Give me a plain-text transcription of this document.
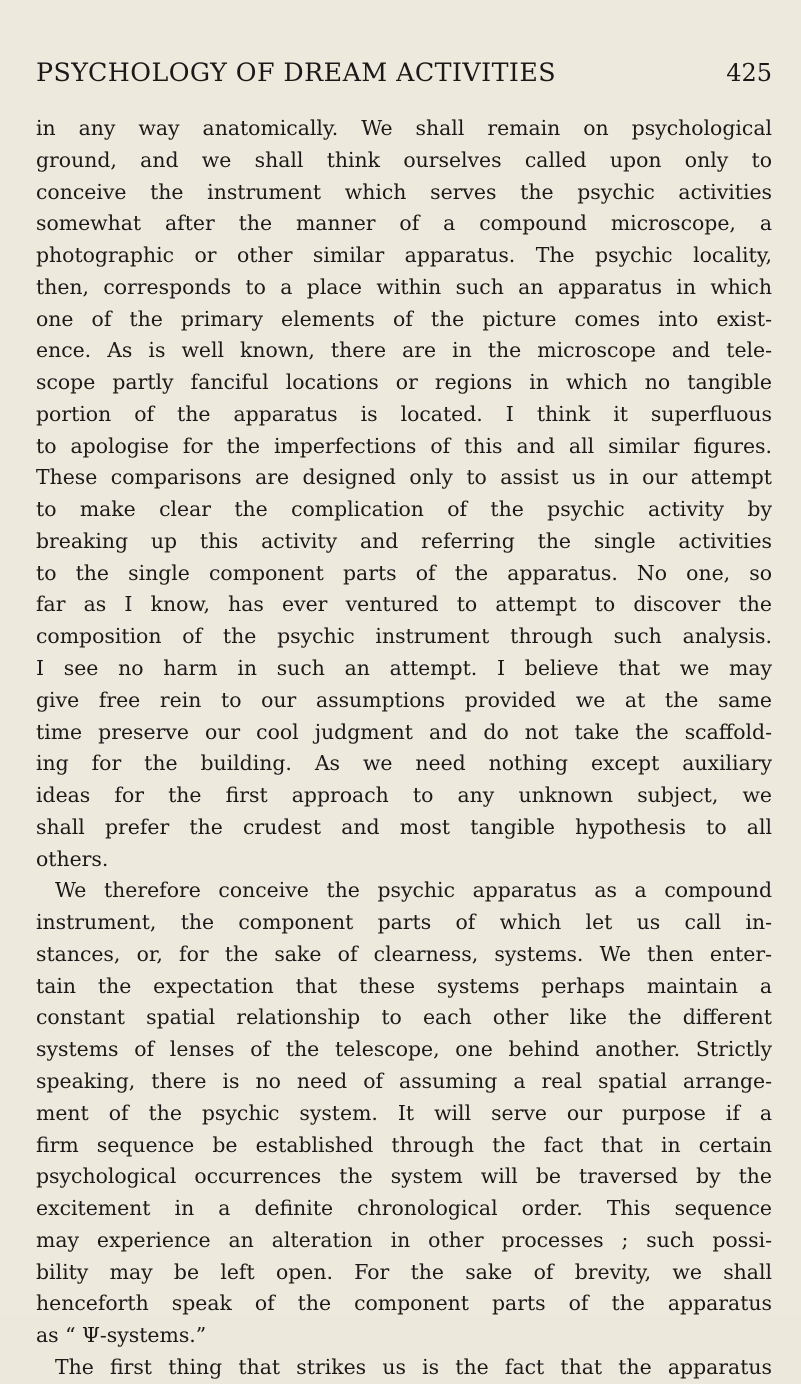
PSYCHOLOGY OF DREAM ACTIVITIES	425
in any way anatomically. We shall remain on psychological
ground, and we shall think ourselves called upon only to
conceive the instrument which serves the psychic activities
somewhat after the manner of a compound microscope, a
photographic or other similar apparatus. The psychic locality,
then, corresponds to a place within such an apparatus in which
one of the primary elements of the picture comes into exist-
ence. As is well known, there are in the microscope and tele-
scope partly fanciful locations or regions in which no tangible
portion of the apparatus is located. I think it superfluous
to apologise for the imperfections of this and all similar figures.
These comparisons are designed only to assist us in our attempt
to make clear the complication of the psychic activity by
breaking up this activity and referring the single activities
to the single component parts of the apparatus. No one, so
far as I know, has ever ventured to attempt to discover the
composition of the psychic instrument through such analysis.
I see no harm in such an attempt. I believe that we may
give free rein to our assumptions provided we at the same
time preserve our cool judgment and do not take the scaffold-
ing for the building. As we need nothing except auxiliary
ideas for the first approach to any unknown subject, we
shall prefer the crudest and most tangible hypothesis to all
others.
We therefore conceive the psychic apparatus as a compound
instrument, the component parts of which let us call in-
stances, or, for the sake of clearness, systems. We then enter-
tain the expectation that these systems perhaps maintain a
constant spatial relationship to each other like the different
systems of lenses of the telescope, one behind another. Strictly
speaking, there is no need of assuming a real spatial arrange-
ment of the psychic system. It will serve our purpose if a
firm sequence be established through the fact that in certain
psychological occurrences the system will be traversed by the
excitement in a definite chronological order. This sequence
may experience an alteration in other processes ; such possi-
bility may be left open. For the sake of brevity, we shall
henceforth speak of the component parts of the apparatus
as “ Ψ-systems.”
The first thing that strikes us is the fact that the apparatus
